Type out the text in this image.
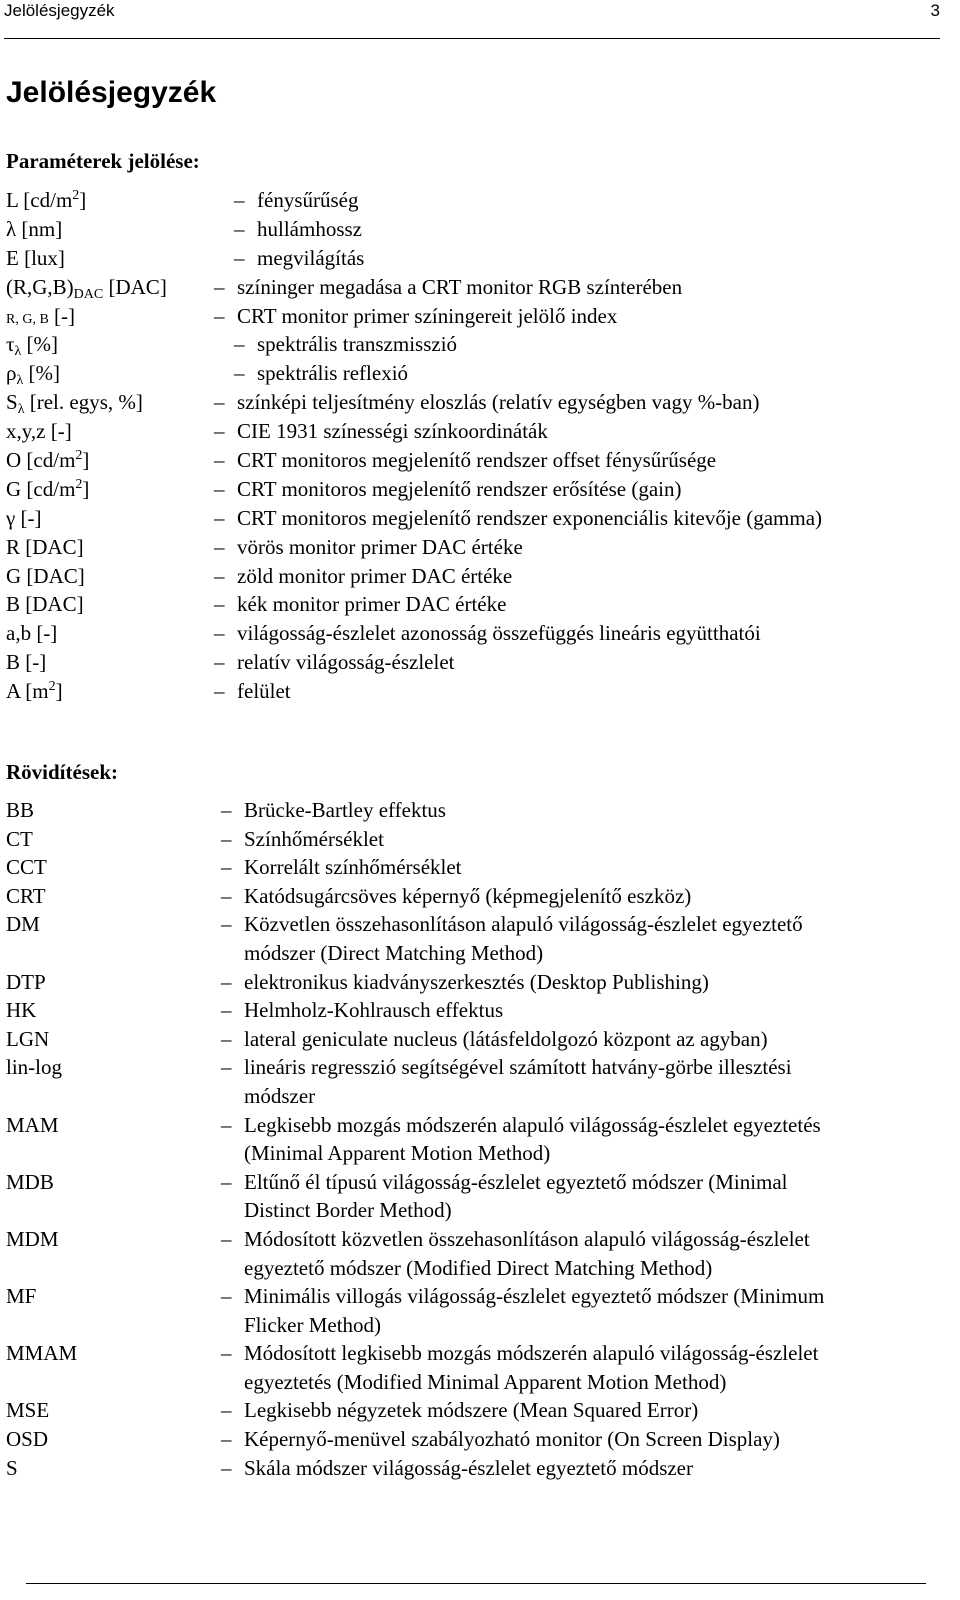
Jelölésjegyzék	3
Jelölésjegyzék
Paraméterek jelölése:
L $[cd/m^2]$	– fénysűrűség
λ [nm]	– hullámhossz
E [lux]	– megvilágítás
$(R,G,B)_{DAC}$ [DAC] – színinger megadása a CRT monitor RGB színterében
R, G, B [-]	– CRT monitor primer színingereit jelölő index
$\tau_\lambda$ [%]	– spektrális transzmisszió
$\rho_\lambda$ [%]	– spektrális reflexió
$S_\lambda$ [rel. egys, %]	– színképi teljesítmény eloszlás (relatív egységben vagy %-ban)
x,y,z [-]	– CIE 1931 színességi színkoordináták
O $[cd/m^2]$	– CRT monitoros megjelenítő rendszer offset fénysűrűsége
G $[cd/m^2]$	– CRT monitoros megjelenítő rendszer erősítése (gain)
γ [-]	– CRT monitoros megjelenítő rendszer exponenciális kitevője (gamma)
R [DAC]	– vörös monitor primer DAC értéke
G [DAC]	– zöld monitor primer DAC értéke
B [DAC]	– kék monitor primer DAC értéke
a,b [-]	– világosság-észlelet azonosság összefüggés lineáris együtthatói
B [-]	– relatív világosság-észlelet
A $[m^2]$	– felület
Rövidítések:
BB	– Brücke-Bartley effektus
CT	– Színhőmérséklet
CCT	– Korrelált színhőmérséklet
CRT	– Katódsugárcsöves képernyő (képmegjelenítő eszköz)
DM	– Közvetlen összehasonlításon alapuló világosság-észlelet egyeztető
módszer (Direct Matching Method)
DTP	– elektronikus kiadványszerkesztés (Desktop Publishing)
HK	– Helmholz-Kohlrausch effektus
LGN	– lateral geniculate nucleus (látásfeldolgozó központ az agyban)
lin-log	– lineáris regresszió segítségével számított hatvány-görbe illesztési
módszer
MAM	– Legkisebb mozgás módszerén alapuló világosság-észlelet egyeztetés
(Minimal Apparent Motion Method)
MDB	– Eltűnő él típusú világosság-észlelet egyeztető módszer (Minimal
Distinct Border Method)
MDM	– Módosított közvetlen összehasonlításon alapuló világosság-észlelet
egyeztető módszer (Modified Direct Matching Method)
MF	– Minimális villogás világosság-észlelet egyeztető módszer (Minimum
Flicker Method)
MMAM	– Módosított legkisebb mozgás módszerén alapuló világosság-észlelet
egyeztetés (Modified Minimal Apparent Motion Method)
MSE	– Legkisebb négyzetek módszere (Mean Squared Error)
OSD	– Képernyő-menüvel szabályozható monitor (On Screen Display)
S	– Skála módszer világosság-észlelet egyeztető módszer
